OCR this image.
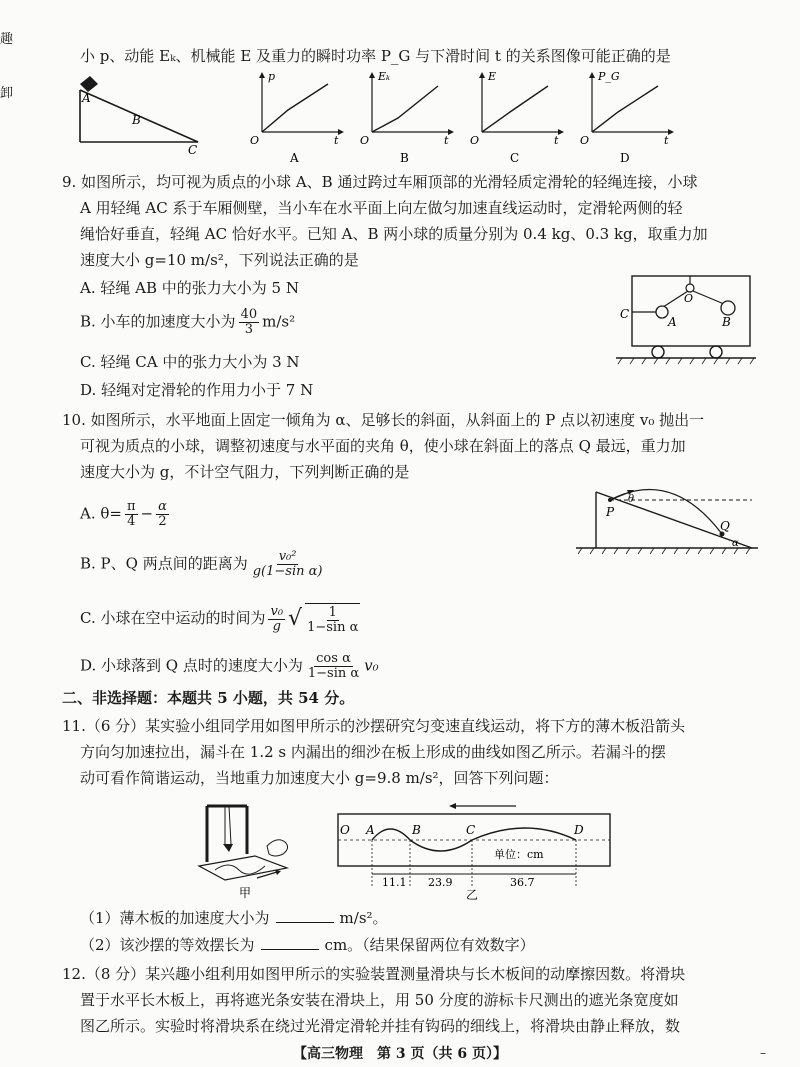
趣
卸
小 p、动能 Eₖ、机械能 E 及重力的瞬时功率 P_G 与下滑时间 t 的关系图像可能正确的是
A
B
C
p
O	t
A
Eₖ
O	t
B
E
O	t
C
P_G
O	t
D
9. 如图所示，均可视为质点的小球 A、B 通过跨过车厢顶部的光滑轻质定滑轮的轻绳连接，小球
A 用轻绳 AC 系于车厢侧壁，当小车在水平面上向左做匀加速直线运动时，定滑轮两侧的轻
绳恰好垂直，轻绳 AC 恰好水平。已知 A、B 两小球的质量分别为 0.4 kg、0.3 kg，取重力加
速度大小 g=10 m/s²，下列说法正确的是
A. 轻绳 AB 中的张力大小为 5 N
B. 小车的加速度大小为 $\frac{40}{3} m/s^2$
C. 轻绳 CA 中的张力大小为 3 N
D. 轻绳对定滑轮的作用力小于 7 N
C
A
O
B
10. 如图所示，水平地面上固定一倾角为 α、足够长的斜面，从斜面上的 P 点以初速度 v₀ 抛出一
可视为质点的小球，调整初速度与水平面的夹角 θ，使小球在斜面上的落点 Q 最远，重力加
速度大小为 g，不计空气阻力，下列判断正确的是
A. $\theta= \frac{\pi}{4} - \frac{\alpha}{2}$
B. P、Q 两点间的距离为 $\frac{\text{v₀²}}{\text{g(1−sin α)}}$
C. 小球在空中运动的时间为 $\frac{\text{v₀}}{g}$ √ $\frac{1}{\text{1−sin α}}$
D. 小球落到 Q 点时的速度大小为 $\frac{\text{cos α}}{\text{1−sin α}} v_0$
P
Q
θ
α
二、非选择题：本题共 5 小题，共 54 分。
11.（6 分）某实验小组同学用如图甲所示的沙摆研究匀变速直线运动，将下方的薄木板沿箭头
方向匀加速拉出，漏斗在 1.2 s 内漏出的细沙在板上形成的曲线如图乙所示。若漏斗的摆
动可看作简谐运动，当地重力加速度大小 g=9.8 m/s²，回答下列问题：
甲
O A	B	C	D
单位：cm
11.1 23.9	36.7
乙
（1）薄木板的加速度大小为	m/s²。
（2）该沙摆的等效摆长为	cm。（结果保留两位有效数字）
12.（8 分）某兴趣小组利用如图甲所示的实验装置测量滑块与长木板间的动摩擦因数。将滑块
置于水平长木板上，再将遮光条安装在滑块上，用 50 分度的游标卡尺测出的遮光条宽度如
图乙所示。实验时将滑块系在绕过光滑定滑轮并挂有钩码的细线上，将滑块由静止释放，数
【高三物理　第 3 页（共 6 页）】	–
